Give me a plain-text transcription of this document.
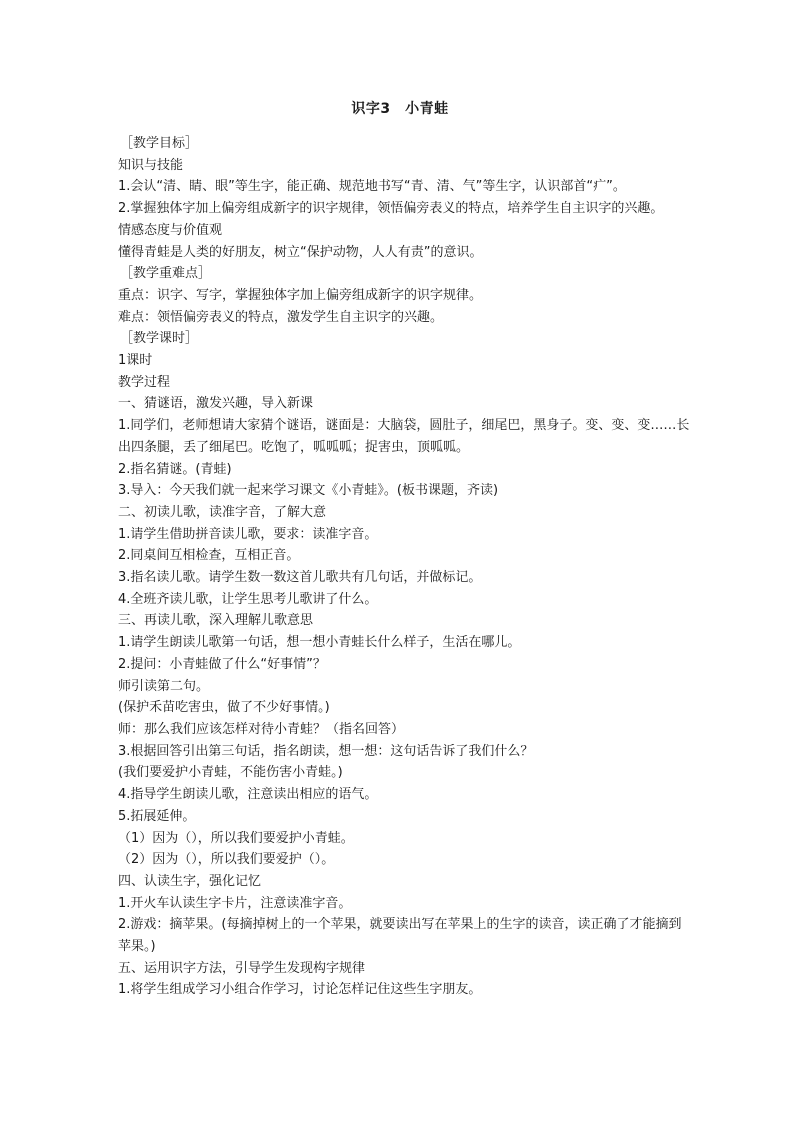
识字3　小青蛙

［教学目标］

知识与技能

1.会认“清、睛、眼”等生字，能正确、规范地书写“青、清、气”等生字，认识部首“疒”。

2.掌握独体字加上偏旁组成新字的识字规律，领悟偏旁表义的特点，培养学生自主识字的兴趣。

情感态度与价值观

懂得青蛙是人类的好朋友，树立“保护动物，人人有责”的意识。

［教学重难点］

重点：识字、写字，掌握独体字加上偏旁组成新字的识字规律。

难点：领悟偏旁表义的特点，激发学生自主识字的兴趣。

［教学课时］

1课时

教学过程

一、猜谜语，激发兴趣，导入新课

1.同学们，老师想请大家猜个谜语，谜面是：大脑袋，圆肚子，细尾巴，黑身子。变、变、变……长出四条腿，丢了细尾巴。吃饱了，呱呱呱；捉害虫，顶呱呱。

2.指名猜谜。(青蛙)

3.导入：今天我们就一起来学习课文《小青蛙》。(板书课题，齐读)

二、初读儿歌，读准字音，了解大意

1.请学生借助拼音读儿歌，要求：读准字音。

2.同桌间互相检查，互相正音。

3.指名读儿歌。请学生数一数这首儿歌共有几句话，并做标记。

4.全班齐读儿歌，让学生思考儿歌讲了什么。

三、再读儿歌，深入理解儿歌意思

1.请学生朗读儿歌第一句话，想一想小青蛙长什么样子，生活在哪儿。

2.提问：小青蛙做了什么“好事情”？

师引读第二句。

(保护禾苗吃害虫，做了不少好事情。)

师：那么我们应该怎样对待小青蛙？（指名回答）

3.根据回答引出第三句话，指名朗读，想一想：这句话告诉了我们什么？

(我们要爱护小青蛙，不能伤害小青蛙。)

4.指导学生朗读儿歌，注意读出相应的语气。

5.拓展延伸。

（1）因为（），所以我们要爱护小青蛙。

（2）因为（），所以我们要爱护（）。

四、认读生字，强化记忆

1.开火车认读生字卡片，注意读准字音。

2.游戏：摘苹果。(每摘掉树上的一个苹果，就要读出写在苹果上的生字的读音，读正确了才能摘到苹果。)

五、运用识字方法，引导学生发现构字规律

1.将学生组成学习小组合作学习，讨论怎样记住这些生字朋友。
